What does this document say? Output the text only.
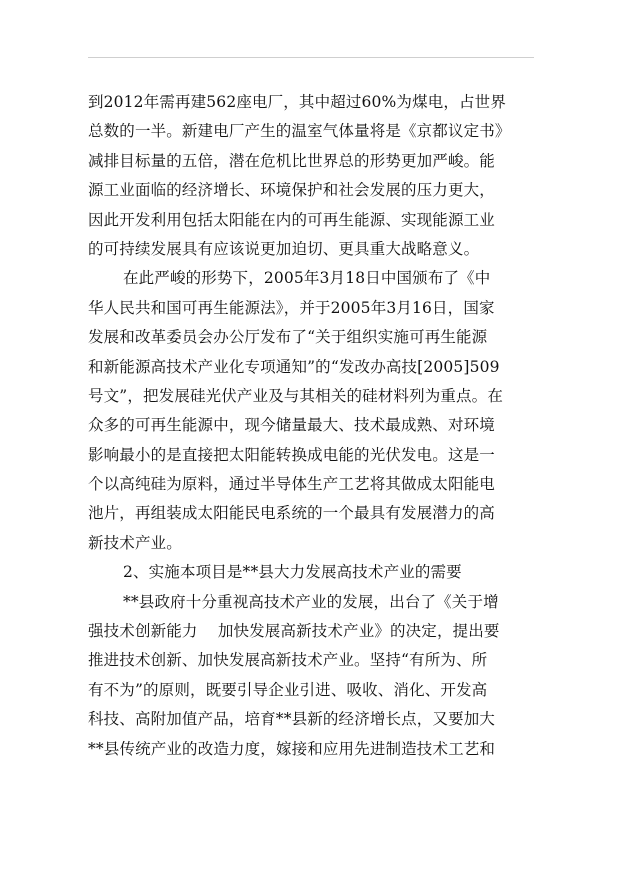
到2012年需再建562座电厂，其中超过60%为煤电，占世界
总数的一半。新建电厂产生的温室气体量将是《京都议定书》
减排目标量的五倍，潜在危机比世界总的形势更加严峻。能
源工业面临的经济增长、环境保护和社会发展的压力更大，
因此开发利用包括太阳能在内的可再生能源、实现能源工业
的可持续发展具有应该说更加迫切、更具重大战略意义。
在此严峻的形势下，2005年3月18日中国颁布了《中
华人民共和国可再生能源法》，并于2005年3月16日，国家
发展和改革委员会办公厅发布了“关于组织实施可再生能源
和新能源高技术产业化专项通知”的“发改办高技[2005]509
号文”，把发展硅光伏产业及与其相关的硅材料列为重点。在
众多的可再生能源中，现今储量最大、技术最成熟、对环境
影响最小的是直接把太阳能转换成电能的光伏发电。这是一
个以高纯硅为原料，通过半导体生产工艺将其做成太阳能电
池片，再组装成太阳能民电系统的一个最具有发展潜力的高
新技术产业。
2、实施本项目是**县大力发展高技术产业的需要
**县政府十分重视高技术产业的发展，出台了《关于增
强技术创新能力    加快发展高新技术产业》的决定，提出要
推进技术创新、加快发展高新技术产业。坚持“有所为、所
有不为”的原则，既要引导企业引进、吸收、消化、开发高
科技、高附加值产品，培育**县新的经济增长点，又要加大
**县传统产业的改造力度，嫁接和应用先进制造技术工艺和
